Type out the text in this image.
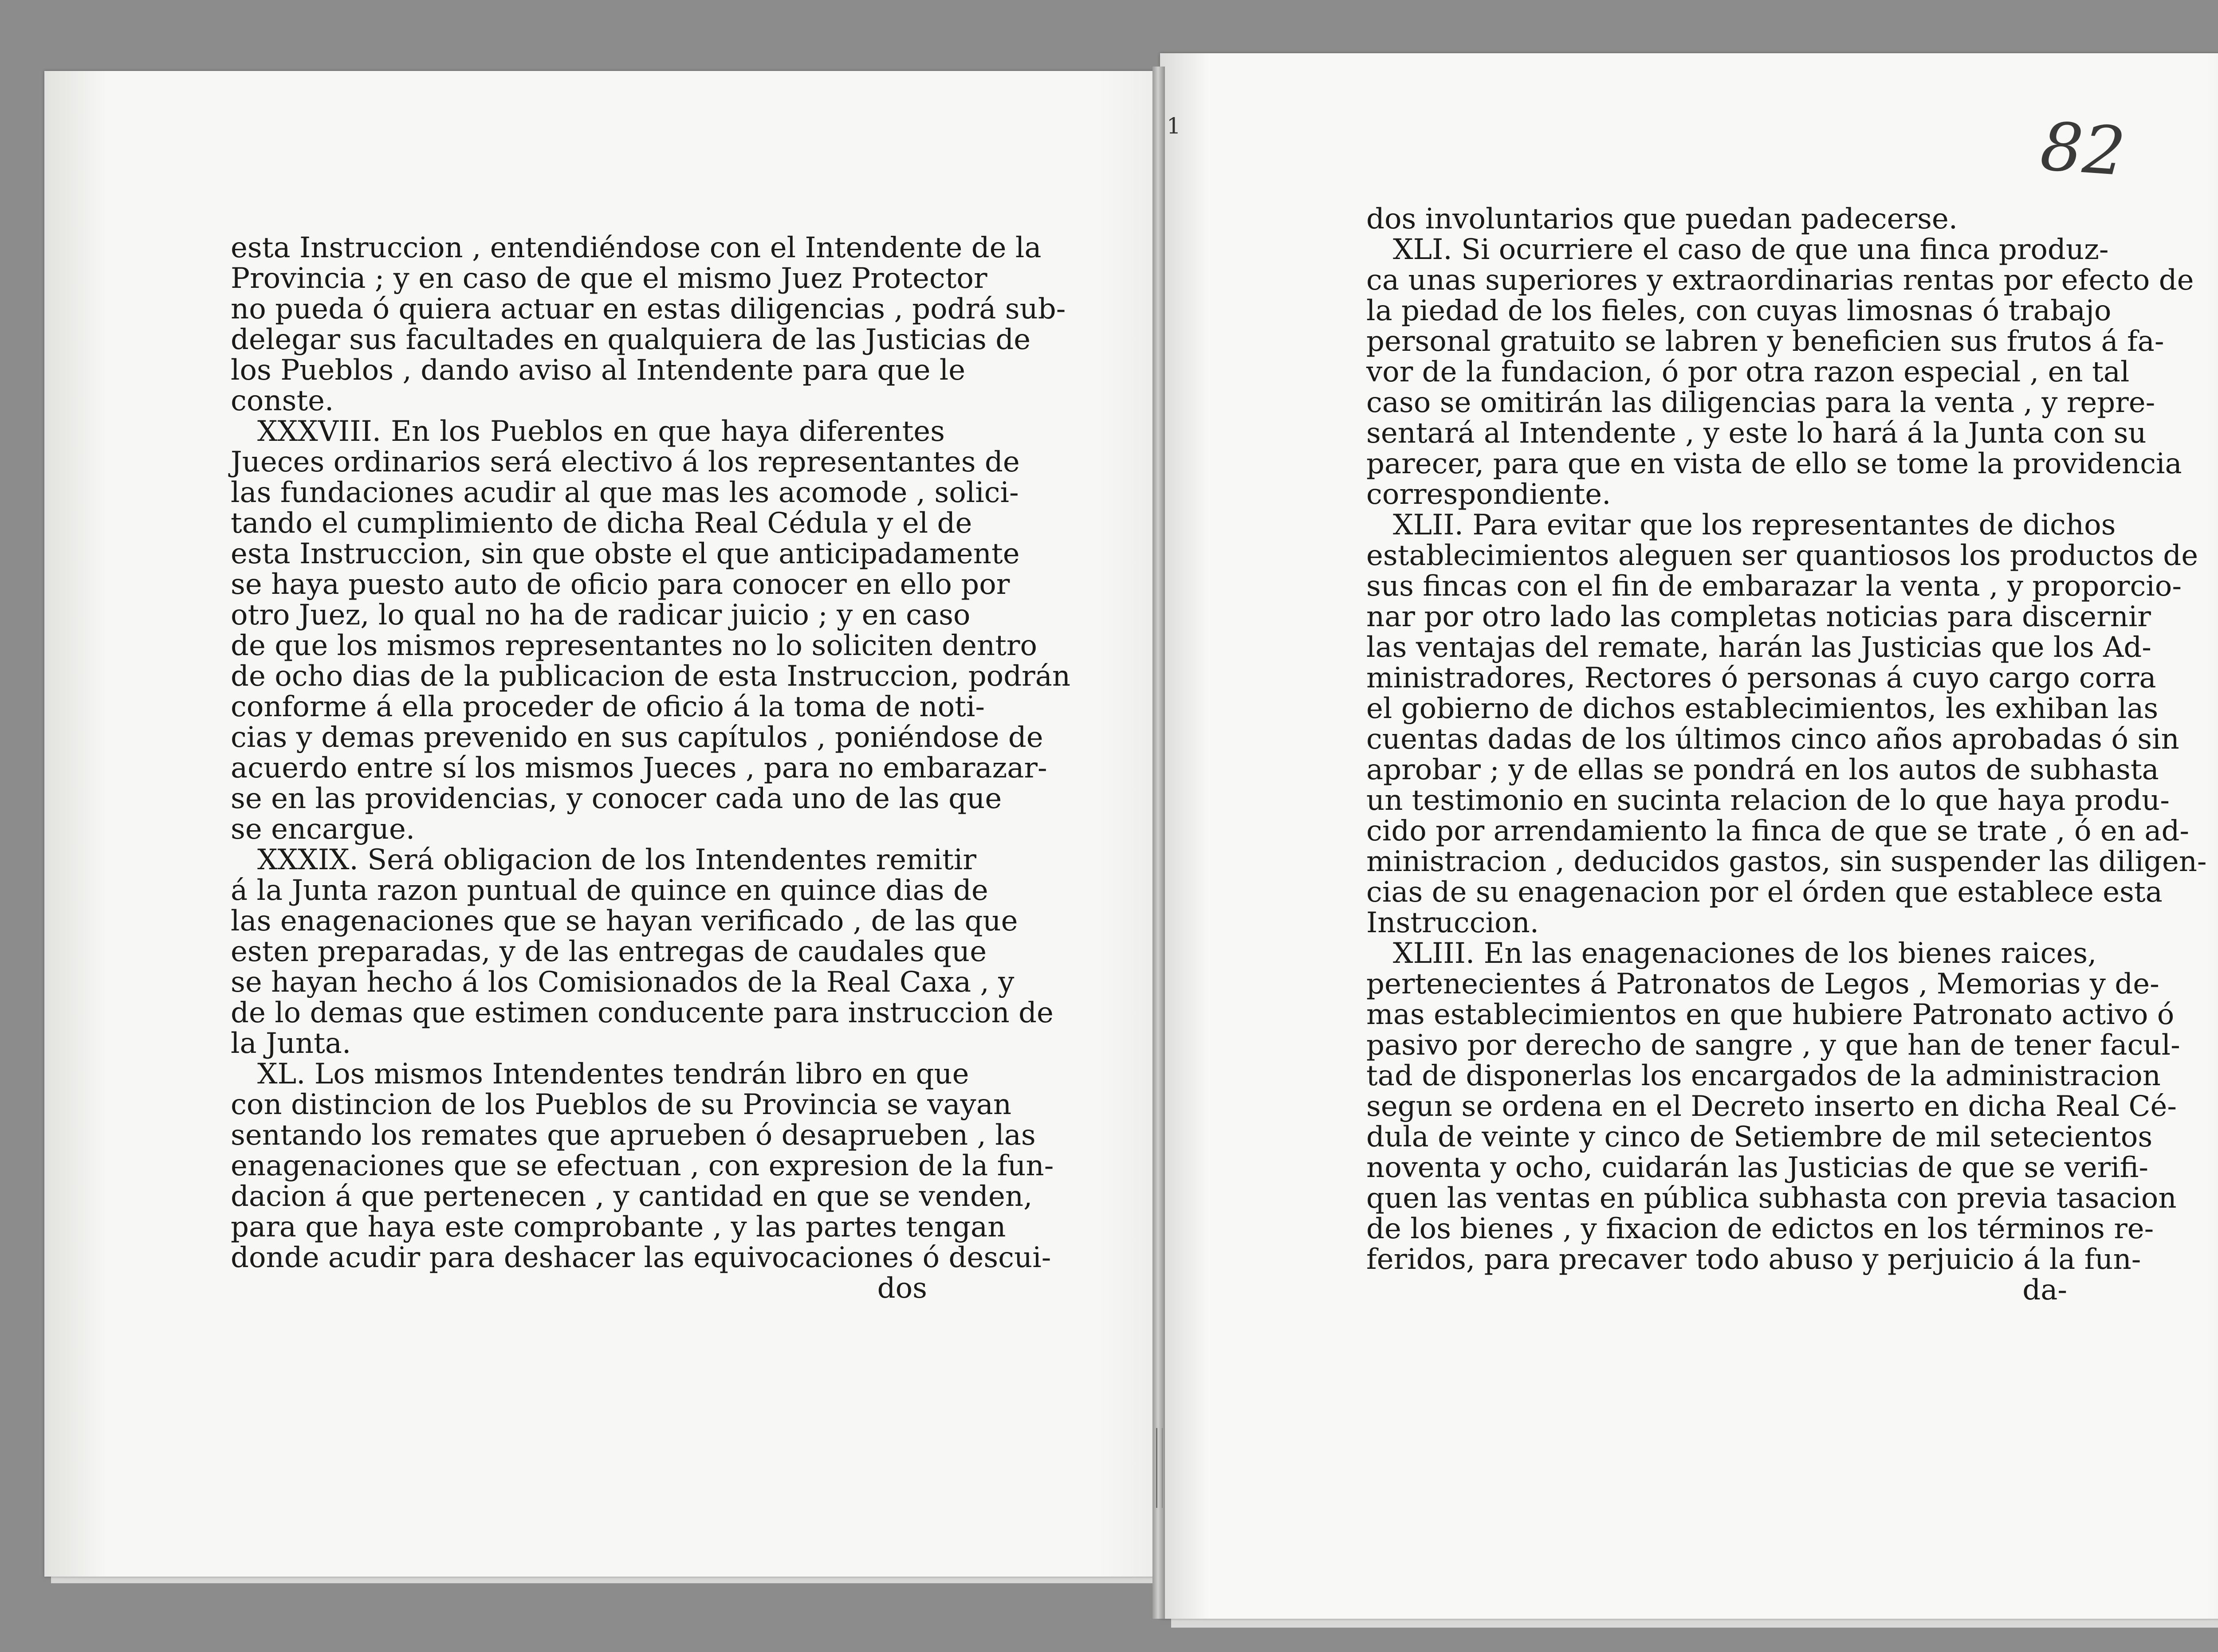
1	82

esta Instruccion , entendiéndose con el Intendente de la
Provincia ; y en caso de que el mismo Juez Protector
no pueda ó quiera actuar en estas diligencias , podrá sub-
delegar sus facultades en qualquiera de las Justicias de
los Pueblos , dando aviso al Intendente para que le
conste.

XXXVIII. En los Pueblos en que haya diferentes
Jueces ordinarios será electivo á los representantes de
las fundaciones acudir al que mas les acomode , solici-
tando el cumplimiento de dicha Real Cédula y el de
esta Instruccion, sin que obste el que anticipadamente
se haya puesto auto de oficio para conocer en ello por
otro Juez, lo qual no ha de radicar juicio ; y en caso
de que los mismos representantes no lo soliciten dentro
de ocho dias de la publicacion de esta Instruccion, podrán
conforme á ella proceder de oficio á la toma de noti-
cias y demas prevenido en sus capítulos , poniéndose de
acuerdo entre sí los mismos Jueces , para no embarazar-
se en las providencias, y conocer cada uno de las que
se encargue.

XXXIX. Será obligacion de los Intendentes remitir
á la Junta razon puntual de quince en quince dias de
las enagenaciones que se hayan verificado , de las que
esten preparadas, y de las entregas de caudales que
se hayan hecho á los Comisionados de la Real Caxa , y
de lo demas que estimen conducente para instruccion de
la Junta.

XL. Los mismos Intendentes tendrán libro en que
con distincion de los Pueblos de su Provincia se vayan
sentando los remates que aprueben ó desaprueben , las
enagenaciones que se efectuan , con expresion de la fun-
dacion á que pertenecen , y cantidad en que se venden,
para que haya este comprobante , y las partes tengan
donde acudir para deshacer las equivocaciones ó descui-
dos

dos involuntarios que puedan padecerse.

XLI. Si ocurriere el caso de que una finca produz-
ca unas superiores y extraordinarias rentas por efecto de
la piedad de los fieles, con cuyas limosnas ó trabajo
personal gratuito se labren y beneficien sus frutos á fa-
vor de la fundacion, ó por otra razon especial , en tal
caso se omitirán las diligencias para la venta , y repre-
sentará al Intendente , y este lo hará á la Junta con su
parecer, para que en vista de ello se tome la providencia
correspondiente.

XLII. Para evitar que los representantes de dichos
establecimientos aleguen ser quantiosos los productos de
sus fincas con el fin de embarazar la venta , y proporcio-
nar por otro lado las completas noticias para discernir
las ventajas del remate, harán las Justicias que los Ad-
ministradores, Rectores ó personas á cuyo cargo corra
el gobierno de dichos establecimientos, les exhiban las
cuentas dadas de los últimos cinco años aprobadas ó sin
aprobar ; y de ellas se pondrá en los autos de subhasta
un testimonio en sucinta relacion de lo que haya produ-
cido por arrendamiento la finca de que se trate , ó en ad-
ministracion , deducidos gastos, sin suspender las diligen-
cias de su enagenacion por el órden que establece esta
Instruccion.

XLIII. En las enagenaciones de los bienes raices,
pertenecientes á Patronatos de Legos , Memorias y de-
mas establecimientos en que hubiere Patronato activo ó
pasivo por derecho de sangre , y que han de tener facul-
tad de disponerlas los encargados de la administracion
segun se ordena en el Decreto inserto en dicha Real Cé-
dula de veinte y cinco de Setiembre de mil setecientos
noventa y ocho, cuidarán las Justicias de que se verifi-
quen las ventas en pública subhasta con previa tasacion
de los bienes , y fixacion de edictos en los términos re-
feridos, para precaver todo abuso y perjuicio á la fun-
da-
